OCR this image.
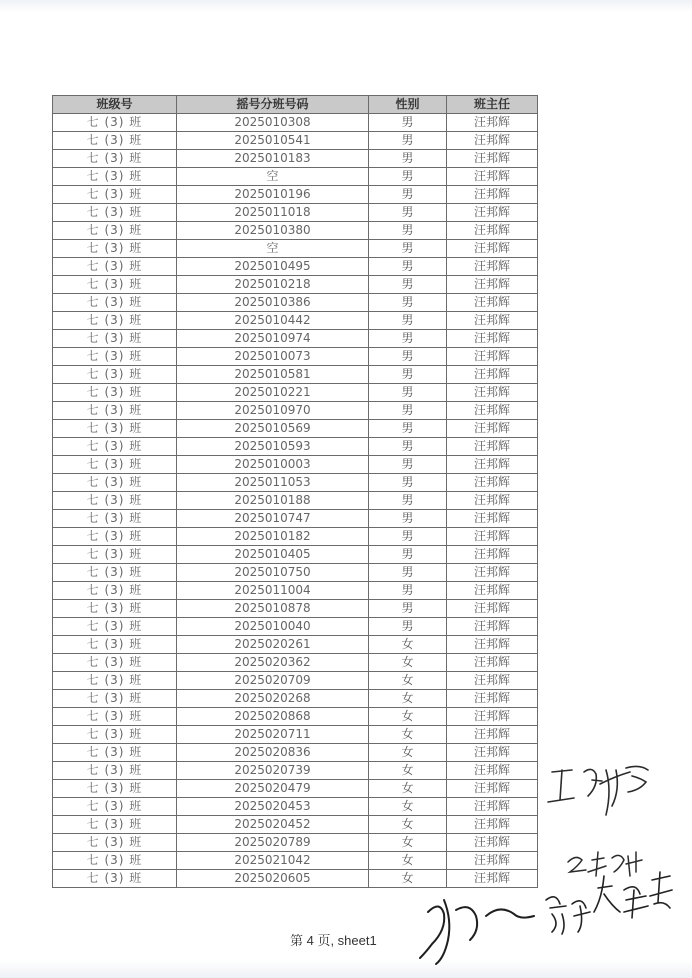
班级号	摇号分班号码	性别	班主任
七 (3) 班	2025010308	男	汪邦辉
七 (3) 班	2025010541	男	汪邦辉
七 (3) 班	2025010183	男	汪邦辉
七 (3) 班	空	男	汪邦辉
七 (3) 班	2025010196	男	汪邦辉
七 (3) 班	2025011018	男	汪邦辉
七 (3) 班	2025010380	男	汪邦辉
七 (3) 班	空	男	汪邦辉
七 (3) 班	2025010495	男	汪邦辉
七 (3) 班	2025010218	男	汪邦辉
七 (3) 班	2025010386	男	汪邦辉
七 (3) 班	2025010442	男	汪邦辉
七 (3) 班	2025010974	男	汪邦辉
七 (3) 班	2025010073	男	汪邦辉
七 (3) 班	2025010581	男	汪邦辉
七 (3) 班	2025010221	男	汪邦辉
七 (3) 班	2025010970	男	汪邦辉
七 (3) 班	2025010569	男	汪邦辉
七 (3) 班	2025010593	男	汪邦辉
七 (3) 班	2025010003	男	汪邦辉
七 (3) 班	2025011053	男	汪邦辉
七 (3) 班	2025010188	男	汪邦辉
七 (3) 班	2025010747	男	汪邦辉
七 (3) 班	2025010182	男	汪邦辉
七 (3) 班	2025010405	男	汪邦辉
七 (3) 班	2025010750	男	汪邦辉
七 (3) 班	2025011004	男	汪邦辉
七 (3) 班	2025010878	男	汪邦辉
七 (3) 班	2025010040	男	汪邦辉
七 (3) 班	2025020261	女	汪邦辉
七 (3) 班	2025020362	女	汪邦辉
七 (3) 班	2025020709	女	汪邦辉
七 (3) 班	2025020268	女	汪邦辉
七 (3) 班	2025020868	女	汪邦辉
七 (3) 班	2025020711	女	汪邦辉
七 (3) 班	2025020836	女	汪邦辉
七 (3) 班	2025020739	女	汪邦辉
七 (3) 班	2025020479	女	汪邦辉
七 (3) 班	2025020453	女	汪邦辉
七 (3) 班	2025020452	女	汪邦辉
七 (3) 班	2025020789	女	汪邦辉
七 (3) 班	2025021042	女	汪邦辉
七 (3) 班	2025020605	女	汪邦辉
第 4 页, sheet1
